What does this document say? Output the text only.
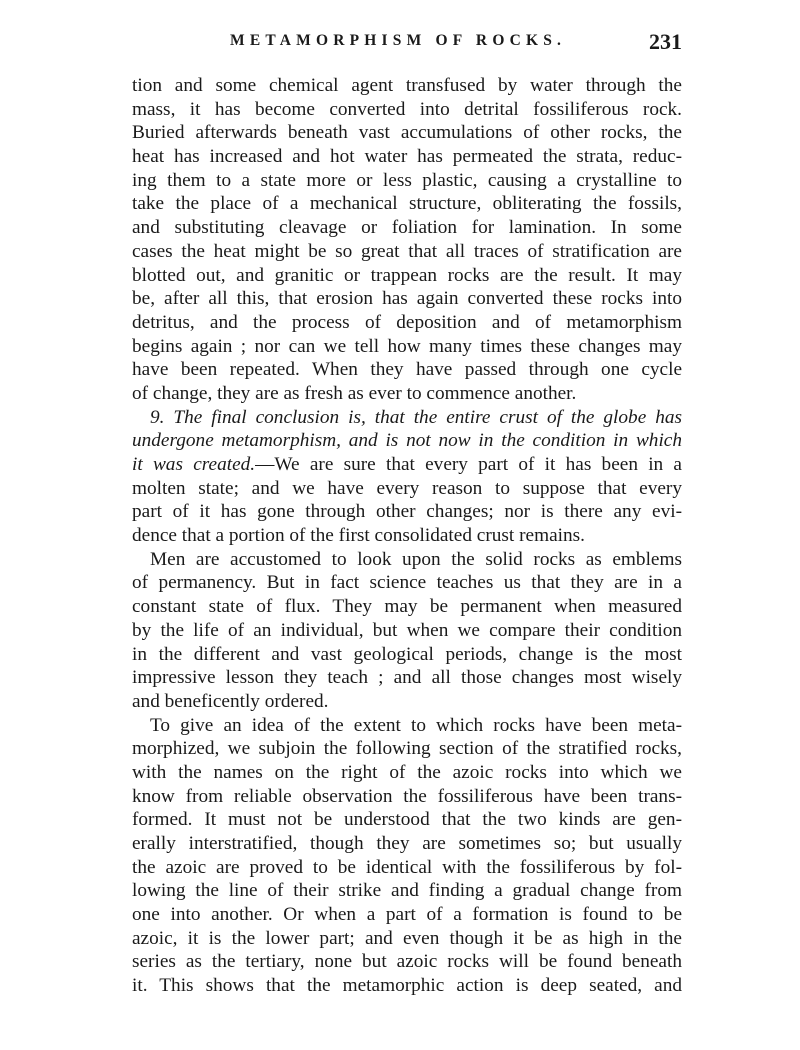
METAMORPHISM OF ROCKS.	231
tion and some chemical agent transfused by water through the
mass, it has become converted into detrital fossiliferous rock.
Buried afterwards beneath vast accumulations of other rocks, the
heat has increased and hot water has permeated the strata, reduc-
ing them to a state more or less plastic, causing a crystalline to
take the place of a mechanical structure, obliterating the fossils,
and substituting cleavage or foliation for lamination. In some
cases the heat might be so great that all traces of stratification are
blotted out, and granitic or trappean rocks are the result. It may
be, after all this, that erosion has again converted these rocks into
detritus, and the process of deposition and of metamorphism
begins again ; nor can we tell how many times these changes may
have been repeated. When they have passed through one cycle
of change, they are as fresh as ever to commence another.
9. The final conclusion is, that the entire crust of the globe has
undergone metamorphism, and is not now in the condition in which
it was created.—We are sure that every part of it has been in a
molten state; and we have every reason to suppose that every
part of it has gone through other changes; nor is there any evi-
dence that a portion of the first consolidated crust remains.
Men are accustomed to look upon the solid rocks as emblems
of permanency. But in fact science teaches us that they are in a
constant state of flux. They may be permanent when measured
by the life of an individual, but when we compare their condition
in the different and vast geological periods, change is the most
impressive lesson they teach ; and all those changes most wisely
and beneficently ordered.
To give an idea of the extent to which rocks have been meta-
morphized, we subjoin the following section of the stratified rocks,
with the names on the right of the azoic rocks into which we
know from reliable observation the fossiliferous have been trans-
formed. It must not be understood that the two kinds are gen-
erally interstratified, though they are sometimes so; but usually
the azoic are proved to be identical with the fossiliferous by fol-
lowing the line of their strike and finding a gradual change from
one into another. Or when a part of a formation is found to be
azoic, it is the lower part; and even though it be as high in the
series as the tertiary, none but azoic rocks will be found beneath
it. This shows that the metamorphic action is deep seated, and
